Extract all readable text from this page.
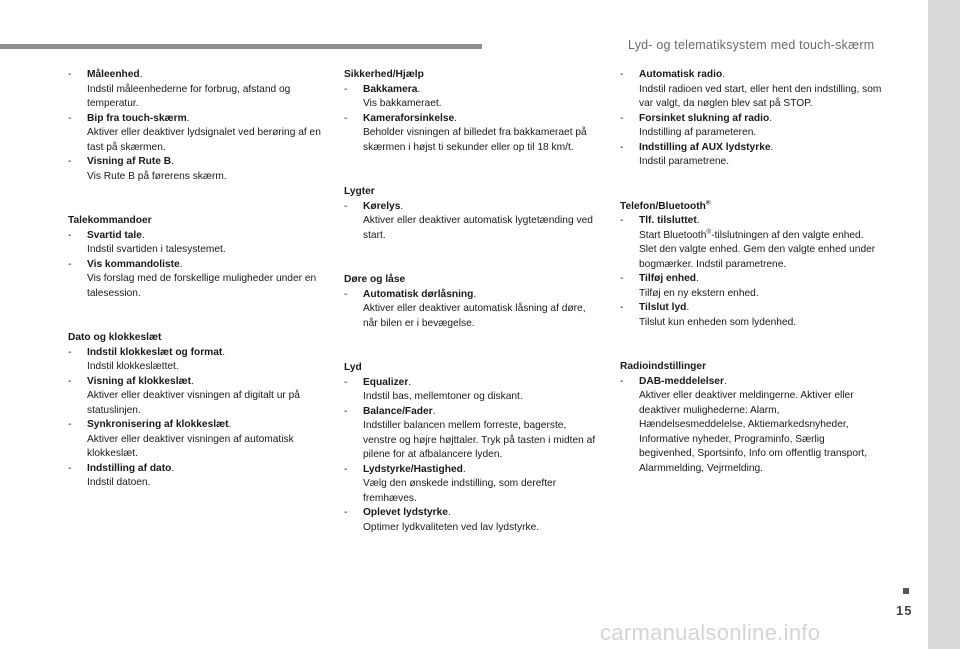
Lyd- og telematiksystem med touch-skærm
15
carmanualsonline.info
- Måleenhed.
Indstil måleenhederne for forbrug, afstand og temperatur.
- Bip fra touch-skærm.
Aktiver eller deaktiver lydsignalet ved berøring af en tast på skærmen.
- Visning af Rute B.
Vis Rute B på førerens skærm.
Talekommandoer
- Svartid tale.
Indstil svartiden i talesystemet.
- Vis kommandoliste.
Vis forslag med de forskellige muligheder under en talesession.
Dato og klokkeslæt
- Indstil klokkeslæt og format.
Indstil klokkeslættet.
- Visning af klokkeslæt.
Aktiver eller deaktiver visningen af digitalt ur på statuslinjen.
- Synkronisering af klokkeslæt.
Aktiver eller deaktiver visningen af automatisk klokkeslæt.
- Indstilling af dato.
Indstil datoen.
Sikkerhed/Hjælp
- Bakkamera.
Vis bakkameraet.
- Kameraforsinkelse.
Beholder visningen af billedet fra bakkameraet på skærmen i højst ti sekunder eller op til 18 km/t.
Lygter
- Kørelys.
Aktiver eller deaktiver automatisk lygtetænding ved start.
Døre og låse
- Automatisk dørlåsning.
Aktiver eller deaktiver automatisk låsning af døre, når bilen er i bevægelse.
Lyd
- Equalizer.
Indstil bas, mellemtoner og diskant.
- Balance/Fader.
Indstiller balancen mellem forreste, bagerste, venstre og højre højttaler. Tryk på tasten i midten af pilene for at afbalancere lyden.
- Lydstyrke/Hastighed.
Vælg den ønskede indstilling, som derefter fremhæves.
- Oplevet lydstyrke.
Optimer lydkvaliteten ved lav lydstyrke.
- Automatisk radio.
Indstil radioen ved start, eller hent den indstilling, som var valgt, da nøglen blev sat på STOP.
- Forsinket slukning af radio.
Indstilling af parameteren.
- Indstilling af AUX lydstyrke.
Indstil parametrene.
Telefon/Bluetooth®
- Tlf. tilsluttet.
Start Bluetooth®-tilslutningen af den valgte enhed. Slet den valgte enhed. Gem den valgte enhed under bogmærker. Indstil parametrene.
- Tilføj enhed.
Tilføj en ny ekstern enhed.
- Tilslut lyd.
Tilslut kun enheden som lydenhed.
Radioindstillinger
- DAB-meddelelser.
Aktiver eller deaktiver meldingerne. Aktiver eller deaktiver mulighederne: Alarm, Hændelsesmeddelelse, Aktiemarkedsnyheder, Informative nyheder, Programinfo, Særlig begivenhed, Sportsinfo, Info om offentlig transport, Alarmmelding, Vejrmelding.
